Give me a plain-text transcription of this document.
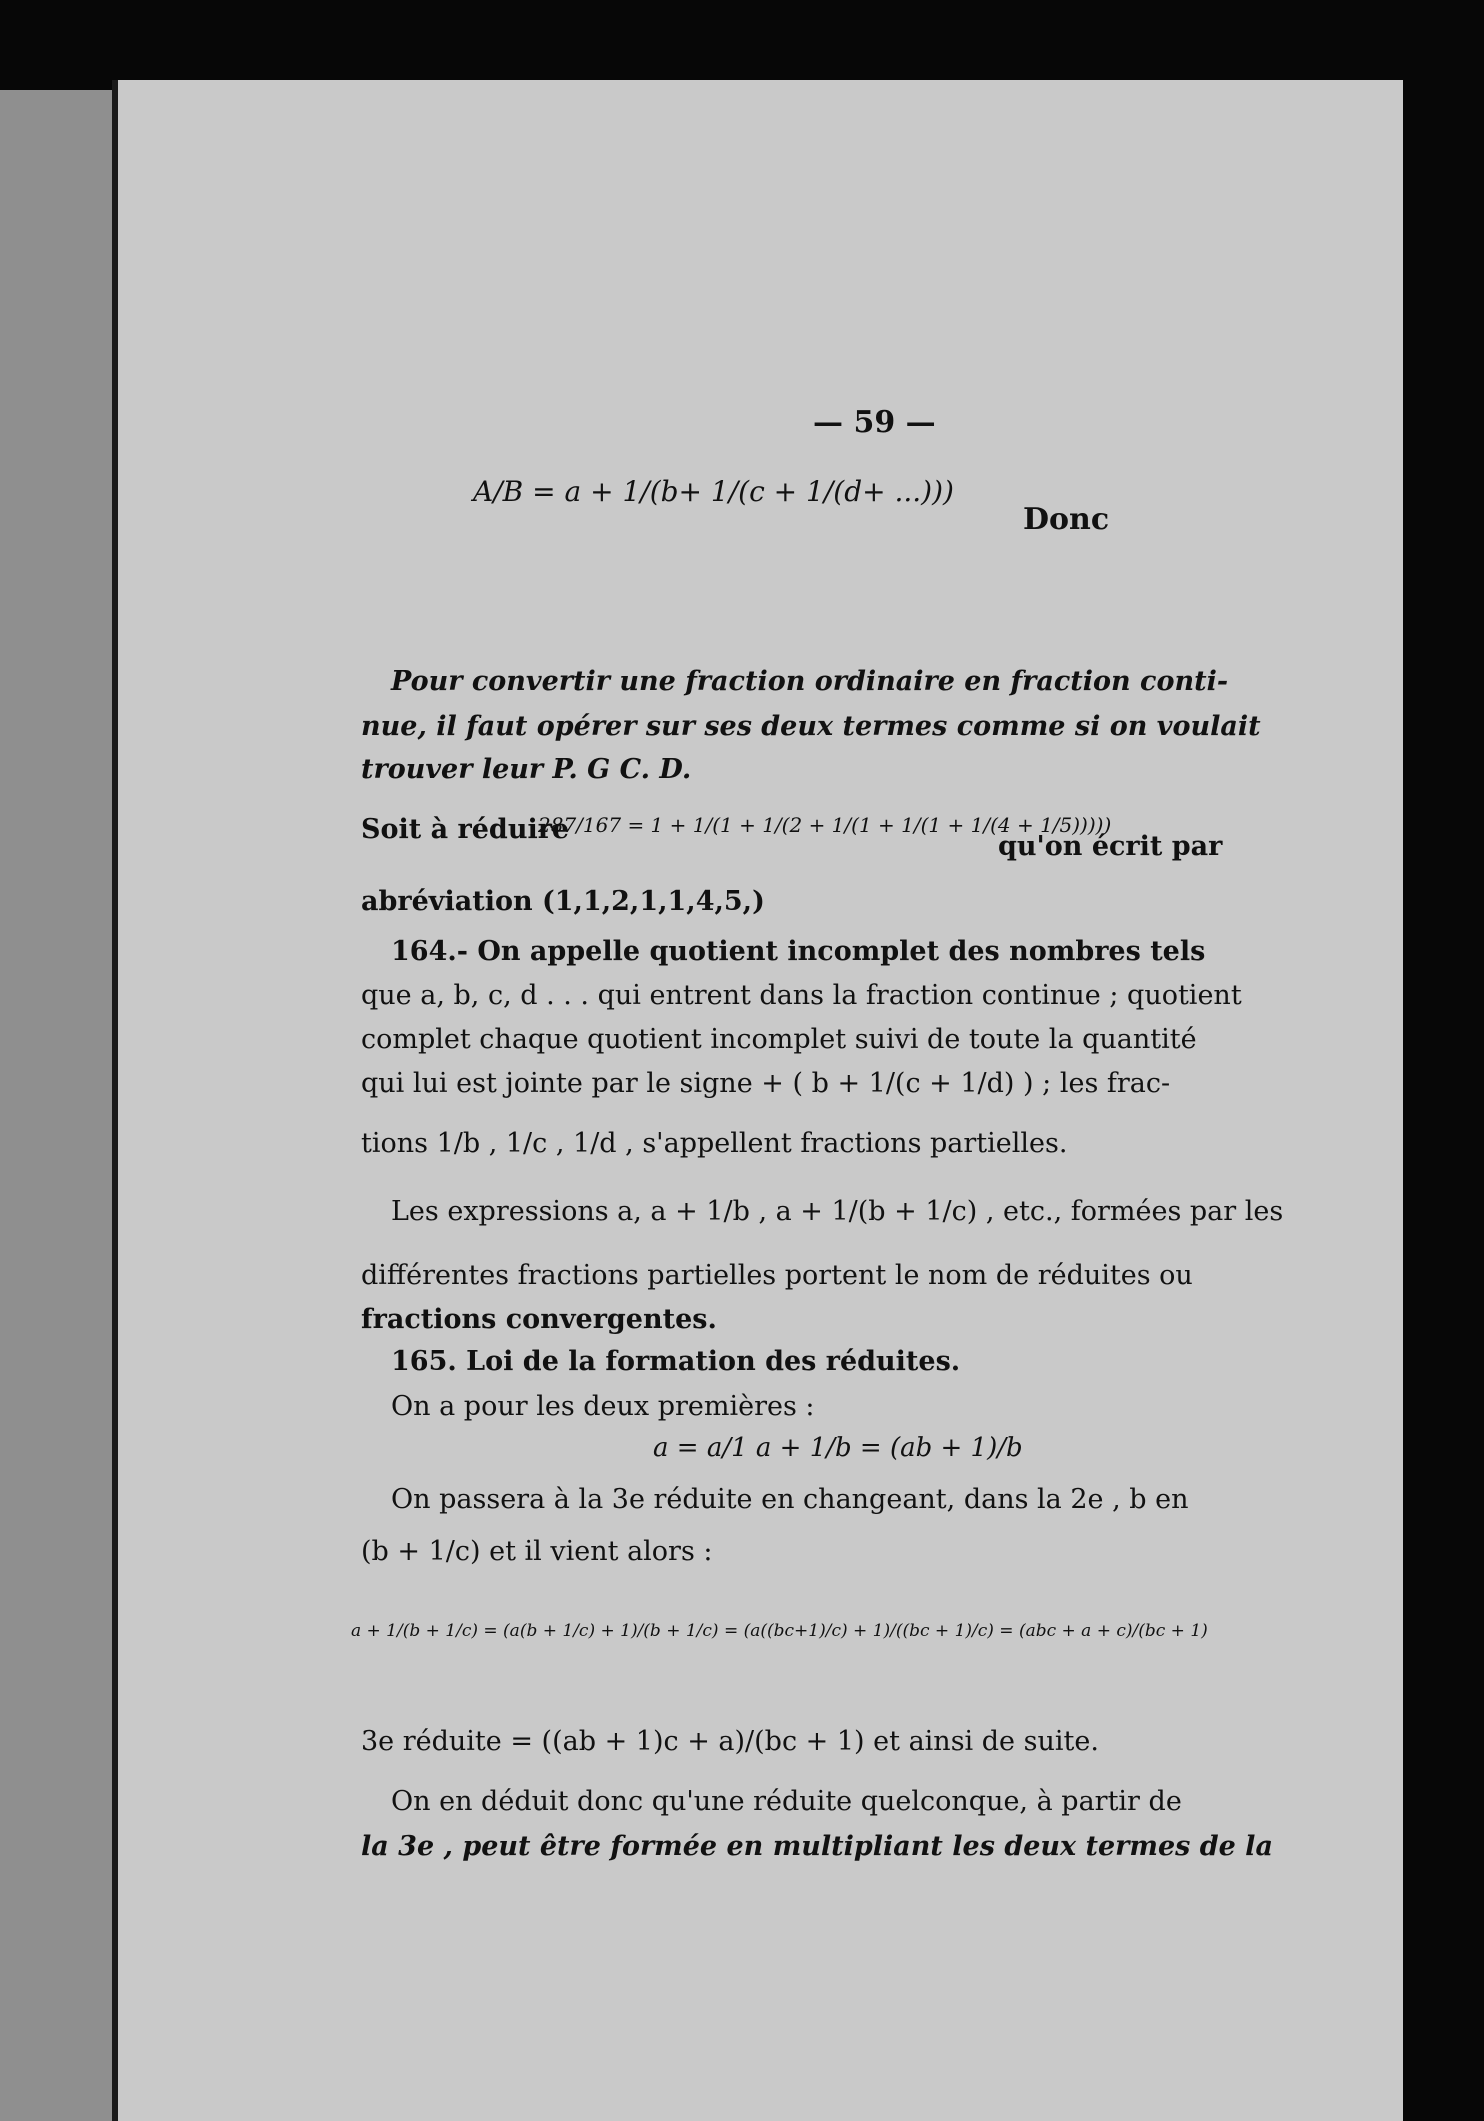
— 59 —
A/B = a + 1/(b+ 1/(c + 1/(d+ ...)))
Donc
Pour convertir une fraction ordinaire en fraction conti-
nue, il faut opérer sur ses deux termes comme si on voulait
trouver leur P. G C. D.
Soit à réduire
287/167 = 1 + 1/(1 + 1/(2 + 1/(1 + 1/(1 + 1/(4 + 1/5)))))
qu'on écrit par
abréviation (1,1,2,1,1,4,5,)
164.- On appelle quotient incomplet des nombres tels
que a, b, c, d . . . qui entrent dans la fraction continue ; quotient
complet chaque quotient incomplet suivi de toute la quantité
qui lui est jointe par le signe + ( b + 1/(c + 1/d) ) ; les frac-
tions 1/b , 1/c , 1/d , s'appellent fractions partielles.
Les expressions a, a + 1/b , a + 1/(b + 1/c) , etc., formées par les
différentes fractions partielles portent le nom de réduites ou
fractions convergentes.
165. Loi de la formation des réduites.
On a pour les deux premières :
a = a/1 a + 1/b = (ab + 1)/b
On passera à la 3e réduite en changeant, dans la 2e , b en
(b + 1/c) et il vient alors :
a + 1/(b + 1/c) = (a(b + 1/c) + 1)/(b + 1/c) = (a((bc+1)/c) + 1)/((bc + 1)/c) = (abc + a + c)/(bc + 1)
3e réduite = ((ab + 1)c + a)/(bc + 1) et ainsi de suite.
On en déduit donc qu'une réduite quelconque, à partir de
la 3e , peut être formée en multipliant les deux termes de la
